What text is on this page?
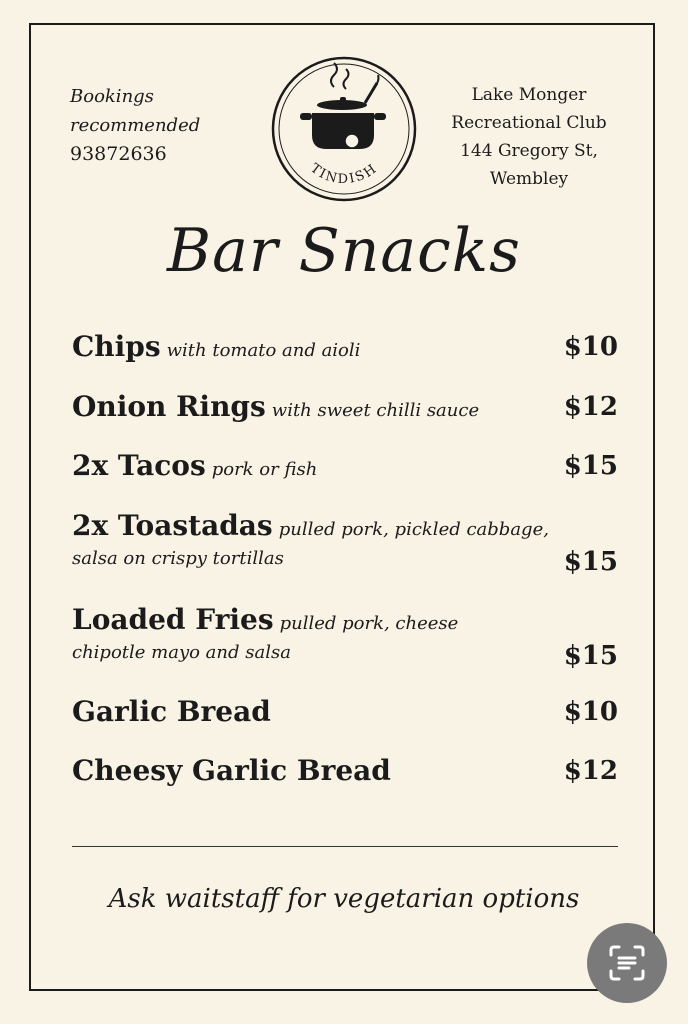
Bookings
recommended
93872636
TINDISH
Lake Monger
Recreational Club
144 Gregory St,
Wembley
Bar Snacks
Chips with tomato and aioli	$10
Onion Rings with sweet chilli sauce	$12
2x Tacos pork or fish	$15
2x Toastadas pulled pork, pickled cabbage,
salsa on crispy tortillas	$15
Loaded Fries pulled pork, cheese
chipotle mayo and salsa	$15
Garlic Bread	$10
Cheesy Garlic Bread	$12
Ask waitstaff for vegetarian options
